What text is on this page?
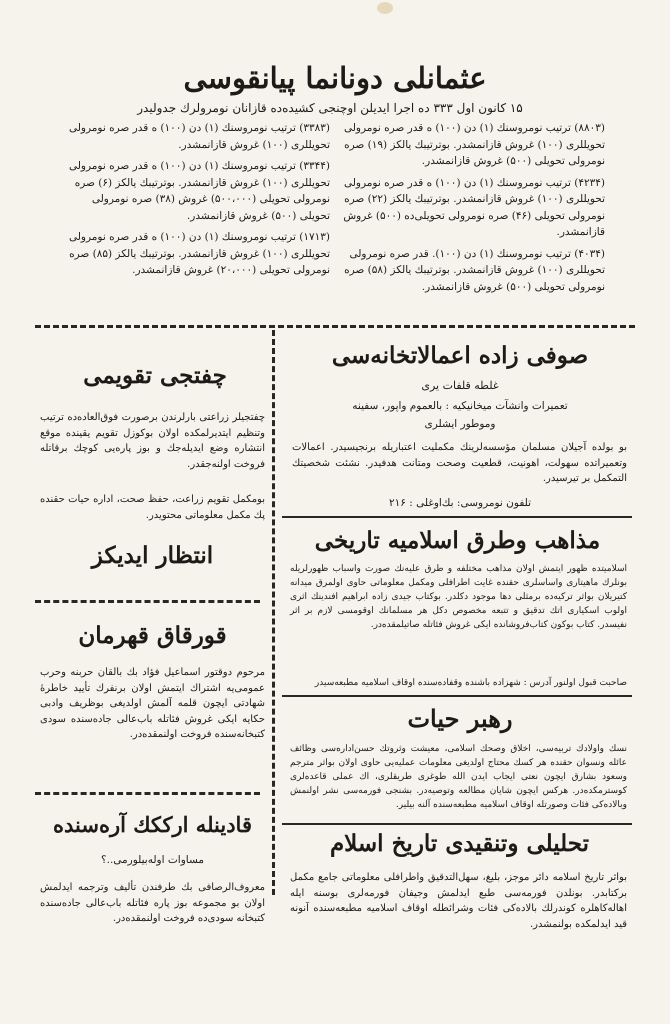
عثمانلی دونانما پیانقوسی
۱۵ کانون اول ۳۳۳ ده اجرا ایدیلن اوچنجی کشیده‌ده قازانان نومرولرك جدولیدر
(۸۸۰۳) ترتیب نومروسنك (۱) دن (۱۰۰) ه قدر صره نومرولی تحویللری (۱۰۰) غروش قازانمشدر. بوترتیبك یالکز (۱۹) صره نومرولی تحویلی (۵۰۰) غروش قازانمشدر.
(۴۲۳۴) ترتیب نومروسنك (۱) دن (۱۰۰) ه قدر صره نومرولی تحویللری (۱۰۰) غروش قازانمشدر. بوترتیبك یالکز (۲۲) صره نومرولی تحویلی (۴۶) صره نومرولی تحویلی‌ده (۵۰۰) غروش قازانمشدر.
(۴۰۳۴) ترتیب نومروسنك (۱) دن (۱۰۰). قدر صره نومرولی تحویللری (۱۰۰) غروش قازانمشدر. بوترتیبك یالکز (۵۸) صره نومرولی تحویلی (۵۰۰) غروش قازانمشدر.
(۳۳۸۳) ترتیب نومروسنك (۱) دن (۱۰۰) ه قدر صره نومرولی تحویللری (۱۰۰) غروش قازانمشدر.
(۳۳۴۴) ترتیب نومروسنك (۱) دن (۱۰۰) ه قدر صره نومرولی تحویللری (۱۰۰) غروش قازانمشدر. بوترتیبك یالکز (۶) صره نومرولی تحویلی (۵۰۰،۰۰۰) غروش (۳۸) صره نومرولی تحویلی (۵۰۰) غروش قازانمشدر.
(۱۷۱۳) ترتیب نومروسنك (۱) دن (۱۰۰) ه قدر صره نومرولی تحویللری (۱۰۰) غروش قازانمشدر. بوترتیبك یالکز (۸۵) صره نومرولی تحویلی (۲۰،۰۰۰) غروش قازانمشدر.
صوفی زاده اعمالاتخانه‌سی
غلطه قلفات یری
تعمیرات وانشآت میخانیکیه : بالعموم واپور، سفینه
وموطور ایشلری
بو بولده آجیلان مسلمان مؤسسه‌لرینك مکملیت اعتباریله برنجیسیدر. اعمالات وتعمیراتده سهولت، اهونیت، قطعیت وصحت ومتانت هدفیدر. نشئت شخصیتك التمکمل بر تیرسیدر.
تلفون نومروسی: بك‌اوغلی : ۲۱۶
مذاهب وطرق اسلامیه تاریخی
اسلامیتده ظهور ایتمش اولان مذاهب مختلفه و طرق علیه‌نك صورت واسباب ظهورلریله بونلرك ماهیتاری واساسلری حقنده غایت اطرافلی ومکمل معلوماتی حاوی اولمرق میدانه کتیریلان بواثر ترکیه‌ده برمثلی دها موجود دکلدر. بوکتاب جیدی زاده ابراهیم افندینك اثری اولوب اسکیاری اتك تدقیق و تتبعه مخصوص دکل هر مسلمانك اوقومسی لازم بر اثر نفیسدر. کتاب بوکون کتاب‌فروشانده ایکی غروش فئاتله صاتیلمقده‌در.
صاحبت قبول اولنور آدرس : شهزاده باشنده وقفاده‌سنده اوقاف اسلامیه مطبعه‌سیدر
رهبر حیات
نسك واولادك تربیه‌سی، اخلاق وصحك اسلامی، معیشت وثروتك حسن‌اداره‌سی وظائف عائله ونسوان حقنده هر کسك محتاج اولدیغی معلومات عملیه‌یی حاوی اولان بواثر مترجم وسعود بشارق ایچون نعتی ایجاب ایدن الله طوغری طریقلری، اك عملی قاعده‌لری کوسترمکده‌در. هرکس ایچون شایان مطالعه وتوصیه‌در. بشنجی فورمه‌سی نشر اولنمش وبالاده‌کی فئات وصورتله اوقاف اسلامیه مطبعه‌سنده آلنه بیلیر.
چفتجی تقویمی
چفتجیلر زراعتی بارلرندن برصورت فوق‌العاده‌ده ترتیب وتنظیم ایتدیرلمکده اولان بوکوزل تقویم یقینده موقع انتشاره وضع ایدیله‌جك و بوز پاره‌یی کوچك برقاتله فروخت اولنه‌جقدر.
بومکمل تقویم زراعت، حفظ صحت، اداره حیات حقنده پك مکمل معلوماتی محتویدر.
انتظار ایدیکز
قورقاق قهرمان
مرحوم دوقتور اسماعیل فؤاد بك بالقان حربنه وحرب عمومی‌یه اشتراك ایتمش اولان برنفرك تأیید خاطرهٔ شهادتی ایچون قلمه آلمش اولدیغی بوظریف وادبی حکایه ایکی غروش فئاتله باب‌عالی جاده‌سنده سودی کتبخانه‌سنده فروخت اولنمقده‌در.
قادینله ارککك آره‌سنده
مساوات اوله‌بیلورمی..؟
معروف‌الرصافی بك طرفندن تألیف وترجمه ایدلمش اولان بو مجموعه بوز پاره فئاتله باب‌عالی جاده‌سنده کتبخانه سودی‌ده فروخت اولنمقده‌در.
تحلیلی وتنقیدی تاریخ اسلام
بواثر تاریخ اسلامه دائر موجز، بلیغ، سهل‌التدقیق واطرافلی معلوماتی جامع مکمل برکتابدر. بونلدن فورمه‌سی طبع ایدلمش وجیفان فورمه‌لری بوسنه ایله اهاله‌کاهلره کوندرلك بالاده‌کی فئات وشرائطله اوقاف اسلامیه مطبعه‌سنده آنونه قید ایدلمکده بولنمشدر.
